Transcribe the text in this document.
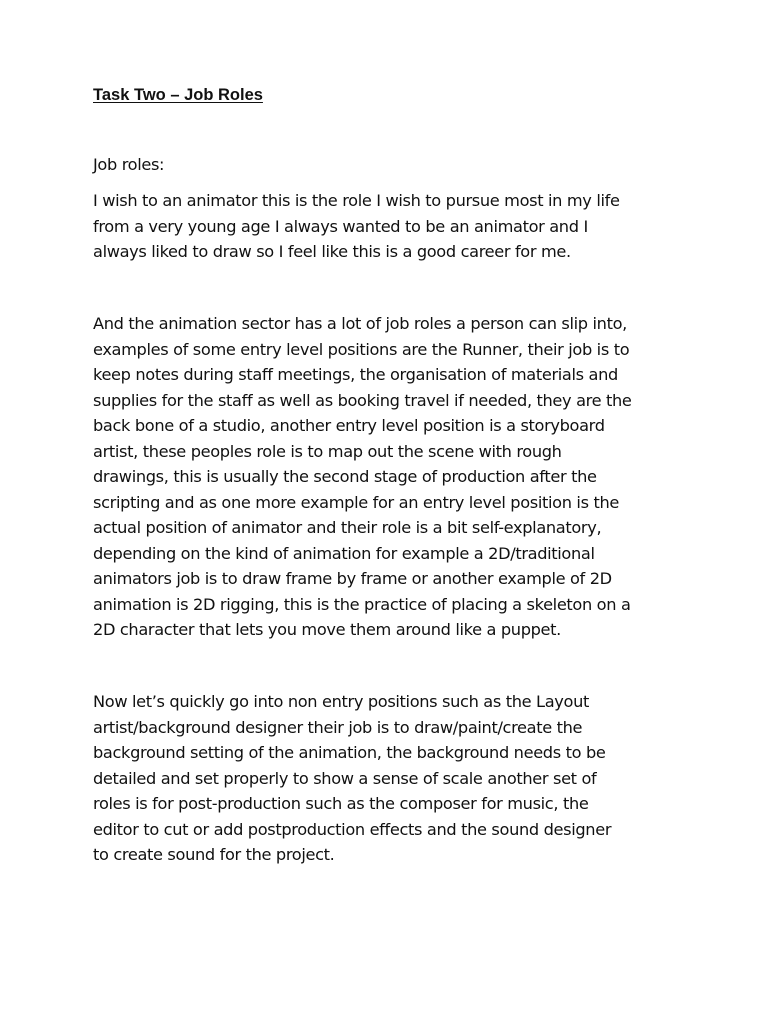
Task Two – Job Roles

Job roles:

I wish to an animator this is the role I wish to pursue most in my life
from a very young age I always wanted to be an animator and I
always liked to draw so I feel like this is a good career for me.

And the animation sector has a lot of job roles a person can slip into,
examples of some entry level positions are the Runner, their job is to
keep notes during staff meetings, the organisation of materials and
supplies for the staff as well as booking travel if needed, they are the
back bone of a studio, another entry level position is a storyboard
artist, these peoples role is to map out the scene with rough
drawings, this is usually the second stage of production after the
scripting and as one more example for an entry level position is the
actual position of animator and their role is a bit self-explanatory,
depending on the kind of animation for example a 2D/traditional
animators job is to draw frame by frame or another example of 2D
animation is 2D rigging, this is the practice of placing a skeleton on a
2D character that lets you move them around like a puppet.

Now let’s quickly go into non entry positions such as the Layout
artist/background designer their job is to draw/paint/create the
background setting of the animation, the background needs to be
detailed and set properly to show a sense of scale another set of
roles is for post-production such as the composer for music, the
editor to cut or add postproduction effects and the sound designer
to create sound for the project.
